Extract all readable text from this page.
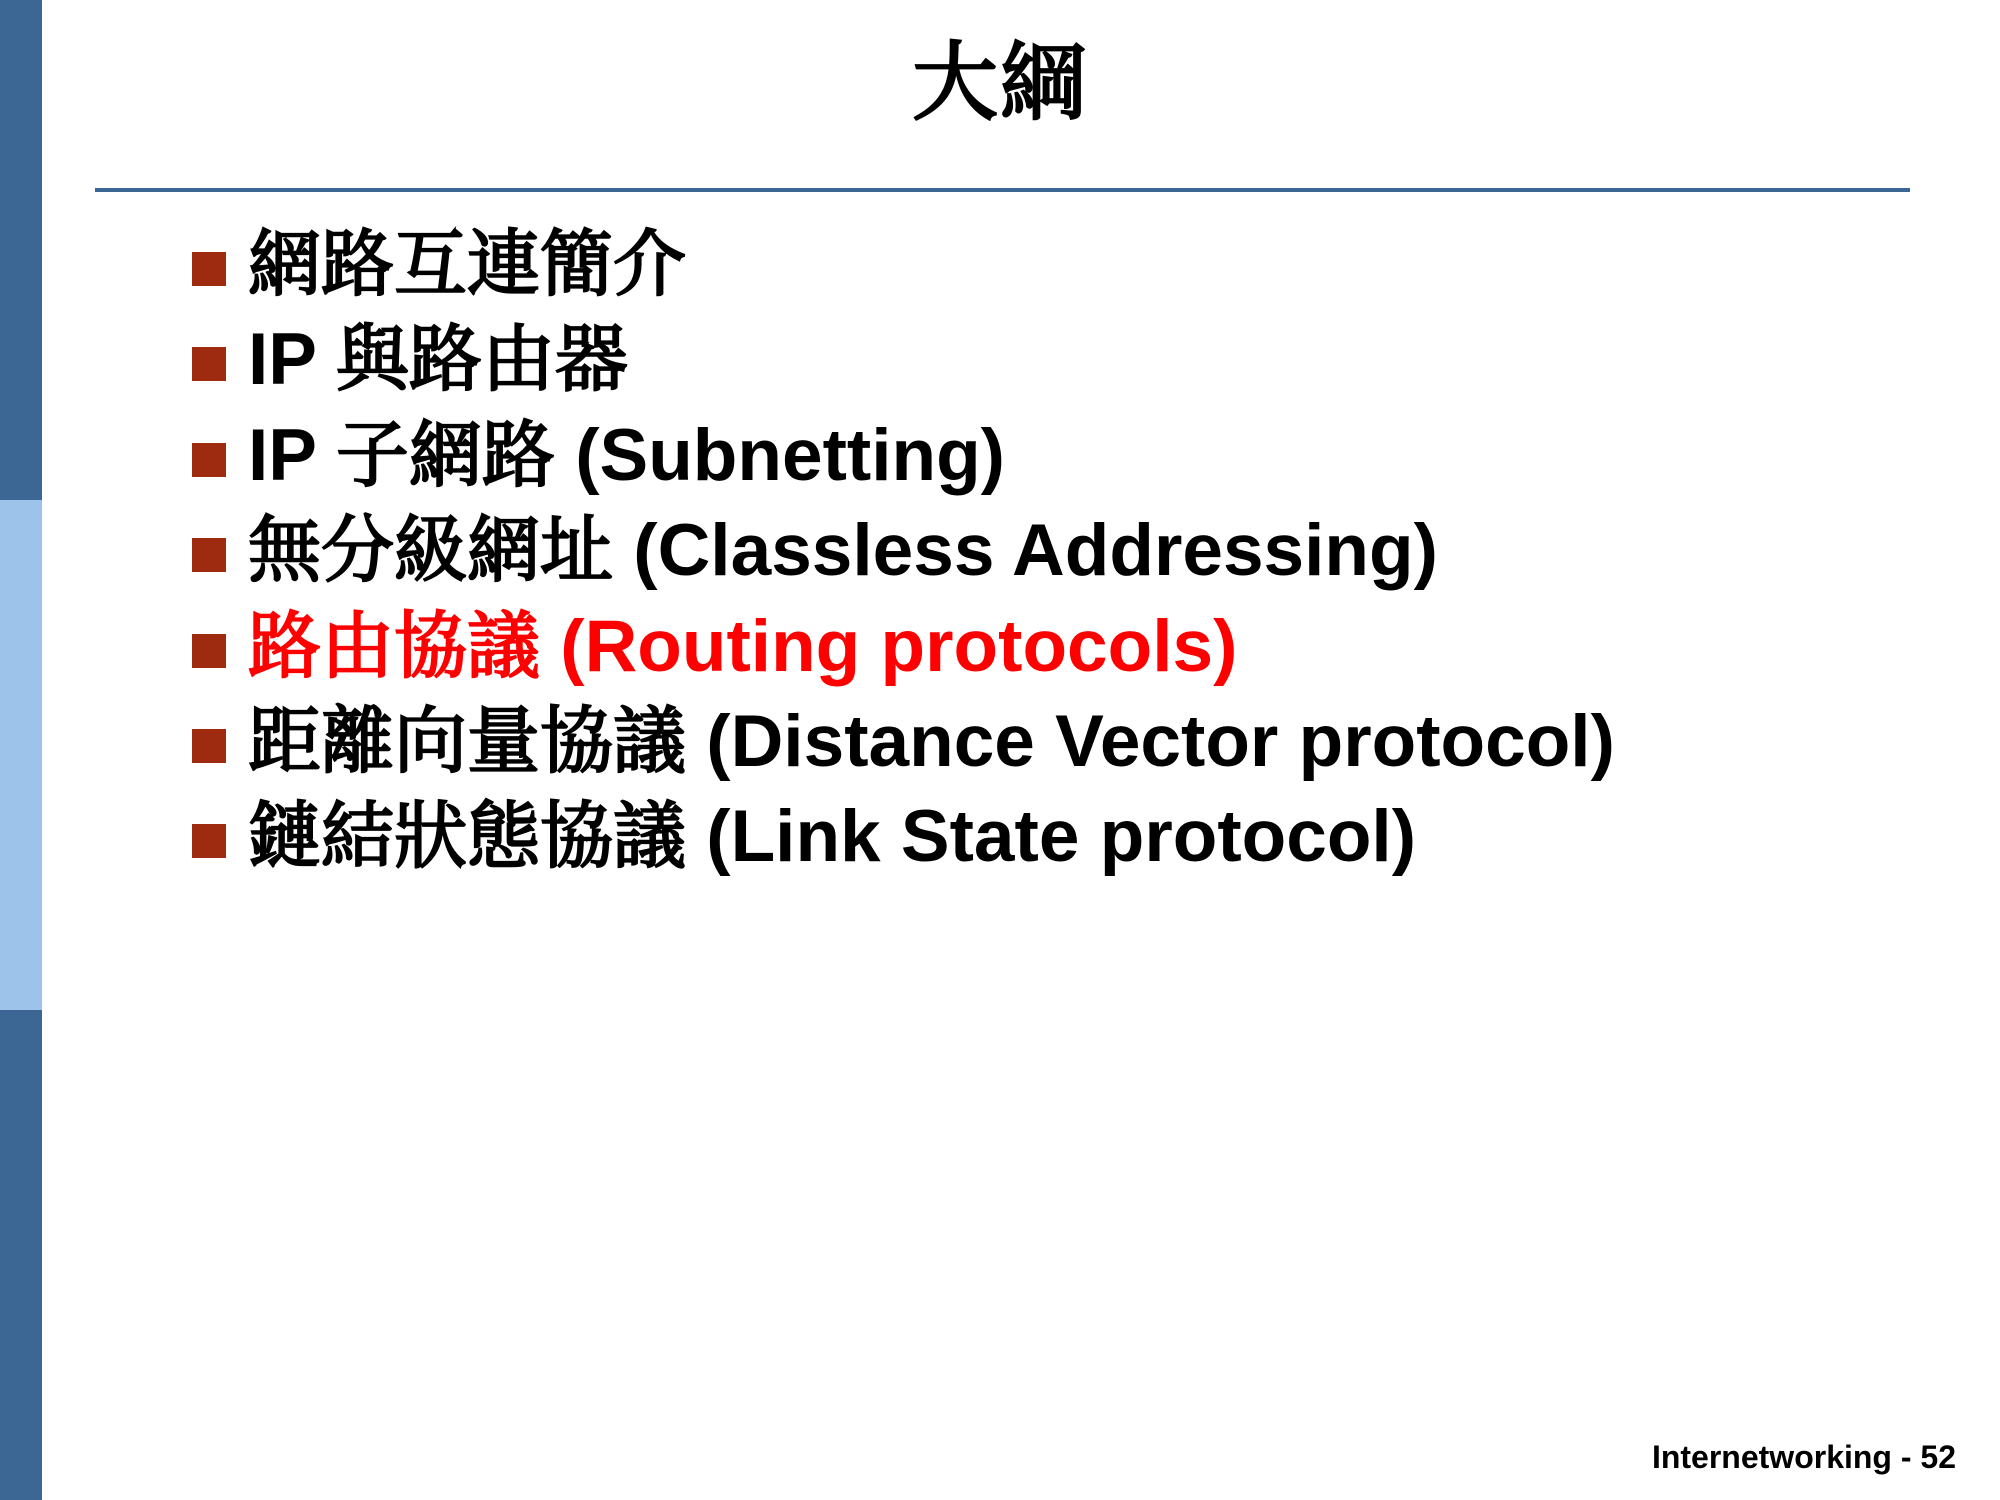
大綱
網路互連簡介
IP 與路由器
IP 子網路 (Subnetting)
無分級網址 (Classless Addressing)
路由協議 (Routing protocols)
距離向量協議 (Distance Vector protocol)
鏈結狀態協議 (Link State protocol)
Internetworking - 52
